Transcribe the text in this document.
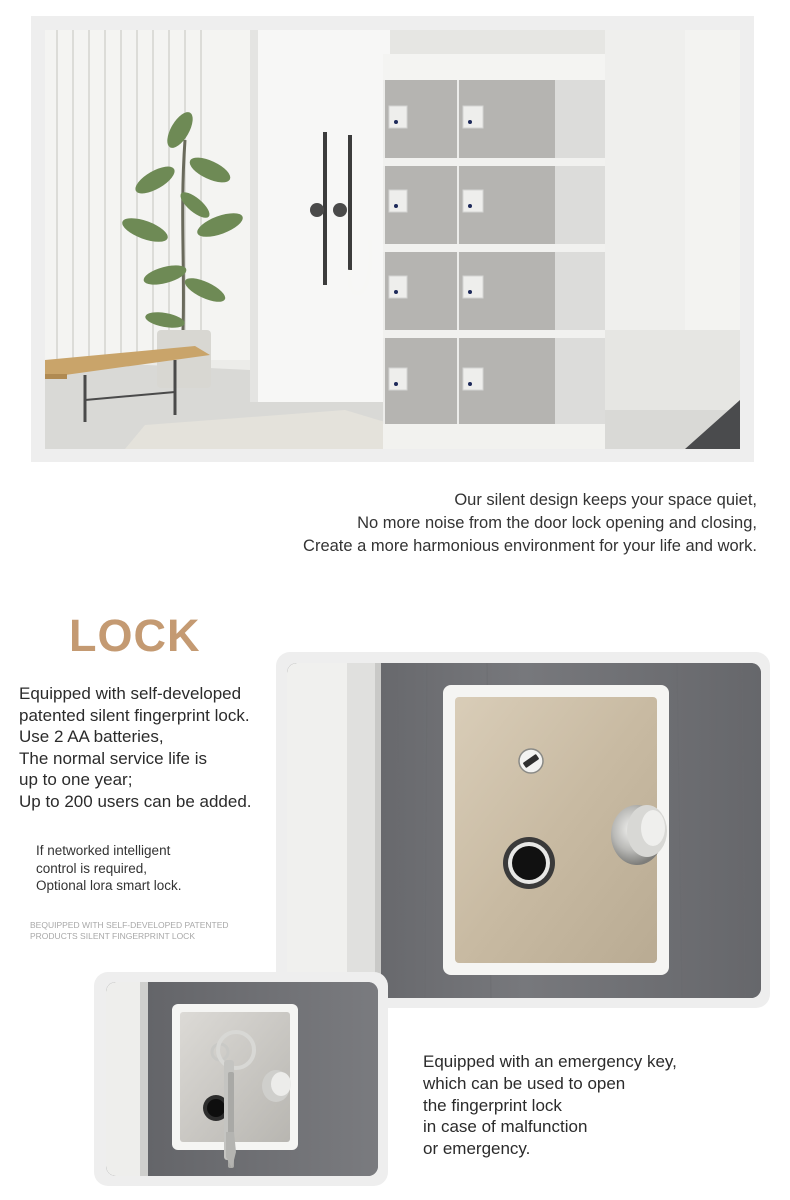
Our silent design keeps your space quiet,
No more noise from the door lock opening and closing,
Create a more harmonious environment for your life and work.
LOCK
Equipped with self-developed
patented silent fingerprint lock.
Use 2 AA batteries,
The normal service life is
up to one year;
Up to 200 users can be added.
If networked intelligent
control is required,
Optional lora smart lock.
BEQUIPPED WITH SELF-DEVELOPED PATENTED
PRODUCTS SILENT FINGERPRINT LOCK
Equipped with an emergency key,
which can be used to open
the fingerprint lock
in case of malfunction
or emergency.
